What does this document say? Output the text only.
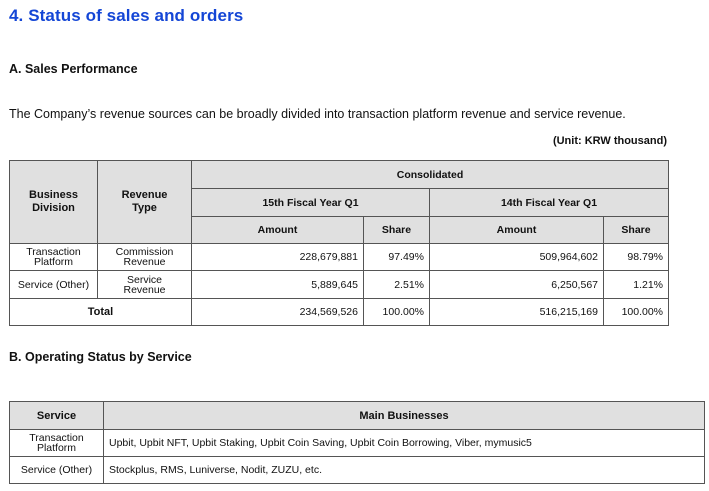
4. Status of sales and orders
A. Sales Performance
The Company’s revenue sources can be broadly divided into transaction platform revenue and service revenue.
(Unit: KRW thousand)
Business Division	Revenue Type	Consolidated			
		15th Fiscal Year Q1		14th Fiscal Year Q1	
		Amount	Share	Amount	Share
Transaction Platform	Commission Revenue	228,679,881	97.49%	509,964,602	98.79%
Service (Other)	Service Revenue	5,889,645	2.51%	6,250,567	1.21%
Total		234,569,526	100.00%	516,215,169	100.00%
B. Operating Status by Service
Service	Main Businesses
Transaction Platform	Upbit, Upbit NFT, Upbit Staking, Upbit Coin Saving, Upbit Coin Borrowing, Viber, mymusic5
Service (Other)	Stockplus, RMS, Luniverse, Nodit, ZUZU, etc.
